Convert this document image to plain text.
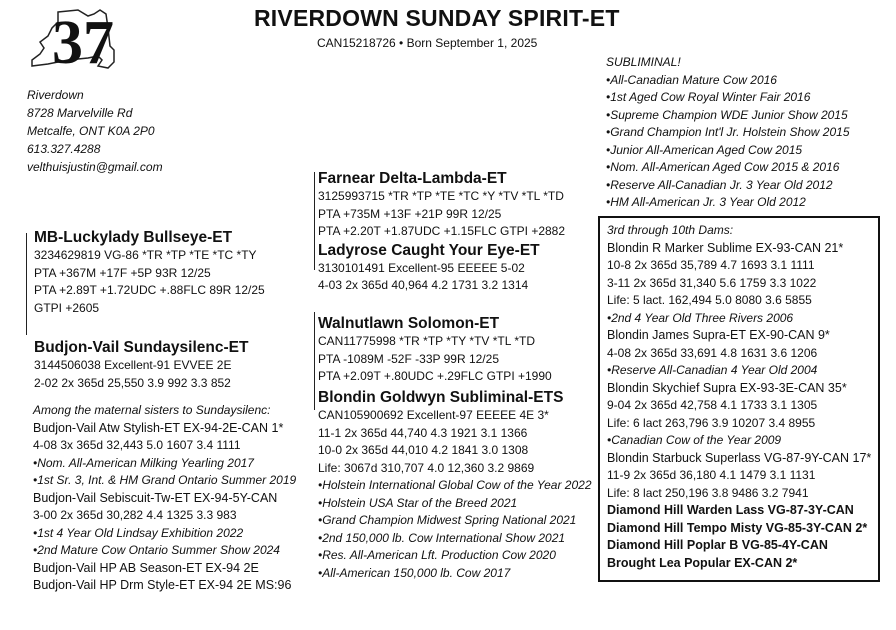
37	RIVERDOWN SUNDAY SPIRIT-ET
CAN15218726 • Born September 1, 2025
Riverdown
8728 Marvelville Rd
Metcalfe, ONT K0A 2P0
613.327.4288
velthuisjustin@gmail.com
Farnear Delta-Lambda-ET
3125993715 *TR *TP *TE *TC *Y *TV *TL *TD
PTA +735M +13F +21P 99R 12/25
PTA +2.20T +1.87UDC +1.15FLC GTPI +2882
Ladyrose Caught Your Eye-ET
3130101491 Excellent-95 EEEEE 5-02
4-03 2x 365d 40,964 4.2 1731 3.2 1314
MB-Luckylady Bullseye-ET
3234629819 VG-86 *TR *TP *TE *TC *TY
PTA +367M +17F +5P 93R 12/25
PTA +2.89T +1.72UDC +.88FLC 89R 12/25
GTPI +2605
Budjon-Vail Sundaysilenc-ET
3144506038 Excellent-91 EVVEE 2E
2-02 2x 365d 25,550 3.9 992 3.3 852
Among the maternal sisters to Sundaysilenc:
Budjon-Vail Atw Stylish-ET EX-94-2E-CAN 1*
4-08 3x 365d 32,443 5.0 1607 3.4 1111
•Nom. All-American Milking Yearling 2017
•1st Sr. 3, Int. & HM Grand Ontario Summer 2019
Budjon-Vail Sebiscuit-Tw-ET EX-94-5Y-CAN
3-00 2x 365d 30,282 4.4 1325 3.3 983
•1st 4 Year Old Lindsay Exhibition 2022
•2nd Mature Cow Ontario Summer Show 2024
Budjon-Vail HP AB Season-ET EX-94 2E
Budjon-Vail HP Drm Style-ET EX-94 2E MS:96
Walnutlawn Solomon-ET
CAN11775998 *TR *TP *TY *TV *TL *TD
PTA -1089M -52F -33P 99R 12/25
PTA +2.09T +.80UDC +.29FLC GTPI +1990
Blondin Goldwyn Subliminal-ETS
CAN105900692 Excellent-97 EEEEE 4E 3*
11-1 2x 365d 44,740 4.3 1921 3.1 1366
10-0 2x 365d 44,010 4.2 1841 3.0 1308
Life: 3067d 310,707 4.0 12,360 3.2 9869
•Holstein International Global Cow of the Year 2022
•Holstein USA Star of the Breed 2021
•Grand Champion Midwest Spring National 2021
•2nd 150,000 lb. Cow International Show 2021
•Res. All-American Lft. Production Cow 2020
•All-American 150,000 lb. Cow 2017
SUBLIMINAL!
•All-Canadian Mature Cow 2016
•1st Aged Cow Royal Winter Fair 2016
•Supreme Champion WDE Junior Show 2015
•Grand Champion Int'l Jr. Holstein Show 2015
•Junior All-American Aged Cow 2015
•Nom. All-American Aged Cow 2015 & 2016
•Reserve All-Canadian Jr. 3 Year Old 2012
•HM All-American Jr. 3 Year Old 2012
3rd through 10th Dams:
Blondin R Marker Sublime EX-93-CAN 21*
10-8 2x 365d 35,789 4.7 1693 3.1 1111
3-11 2x 365d 31,340 5.6 1759 3.3 1022
Life: 5 lact. 162,494 5.0 8080 3.6 5855
•2nd 4 Year Old Three Rivers 2006
Blondin James Supra-ET EX-90-CAN 9*
4-08 2x 365d 33,691 4.8 1631 3.6 1206
•Reserve All-Canadian 4 Year Old 2004
Blondin Skychief Supra EX-93-3E-CAN 35*
9-04 2x 365d 42,758 4.1 1733 3.1 1305
Life: 6 lact 263,796 3.9 10207 3.4 8955
•Canadian Cow of the Year 2009
Blondin Starbuck Superlass VG-87-9Y-CAN 17*
11-9 2x 365d 36,180 4.1 1479 3.1 1131
Life: 8 lact 250,196 3.8 9486 3.2 7941
Diamond Hill Warden Lass VG-87-3Y-CAN
Diamond Hill Tempo Misty VG-85-3Y-CAN 2*
Diamond Hill Poplar B VG-85-4Y-CAN
Brought Lea Popular EX-CAN 2*
